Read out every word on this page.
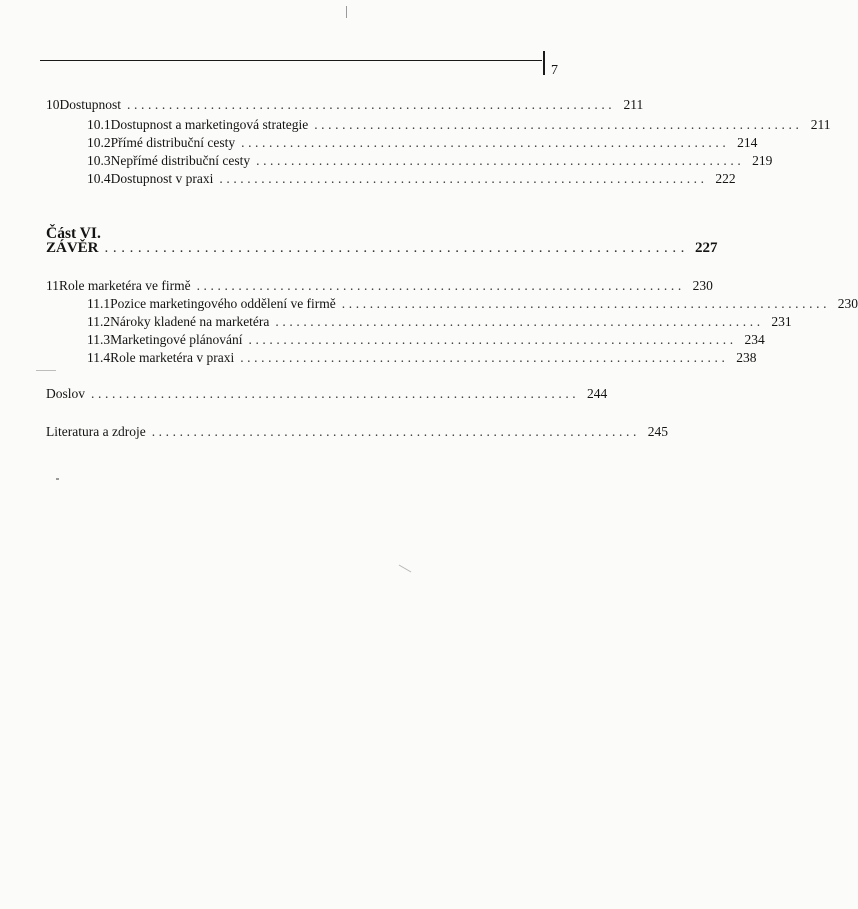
7
10 Dostupnost ...................................................................... 211
10.1 Dostupnost a marketingová strategie ...................................................................... 211
10.2 Přímé distribuční cesty ...................................................................... 214
10.3 Nepřímé distribuční cesty ...................................................................... 219
10.4 Dostupnost v praxi ...................................................................... 222
Část VI.
ZÁVĚR ...................................................................... 227
11 Role marketéra ve firmě ...................................................................... 230
11.1 Pozice marketingového oddělení ve firmě ...................................................................... 230
11.2 Nároky kladené na marketéra ...................................................................... 231
11.3 Marketingové plánování ...................................................................... 234
11.4 Role marketéra v praxi ...................................................................... 238
Doslov ...................................................................... 244
Literatura a zdroje ...................................................................... 245
